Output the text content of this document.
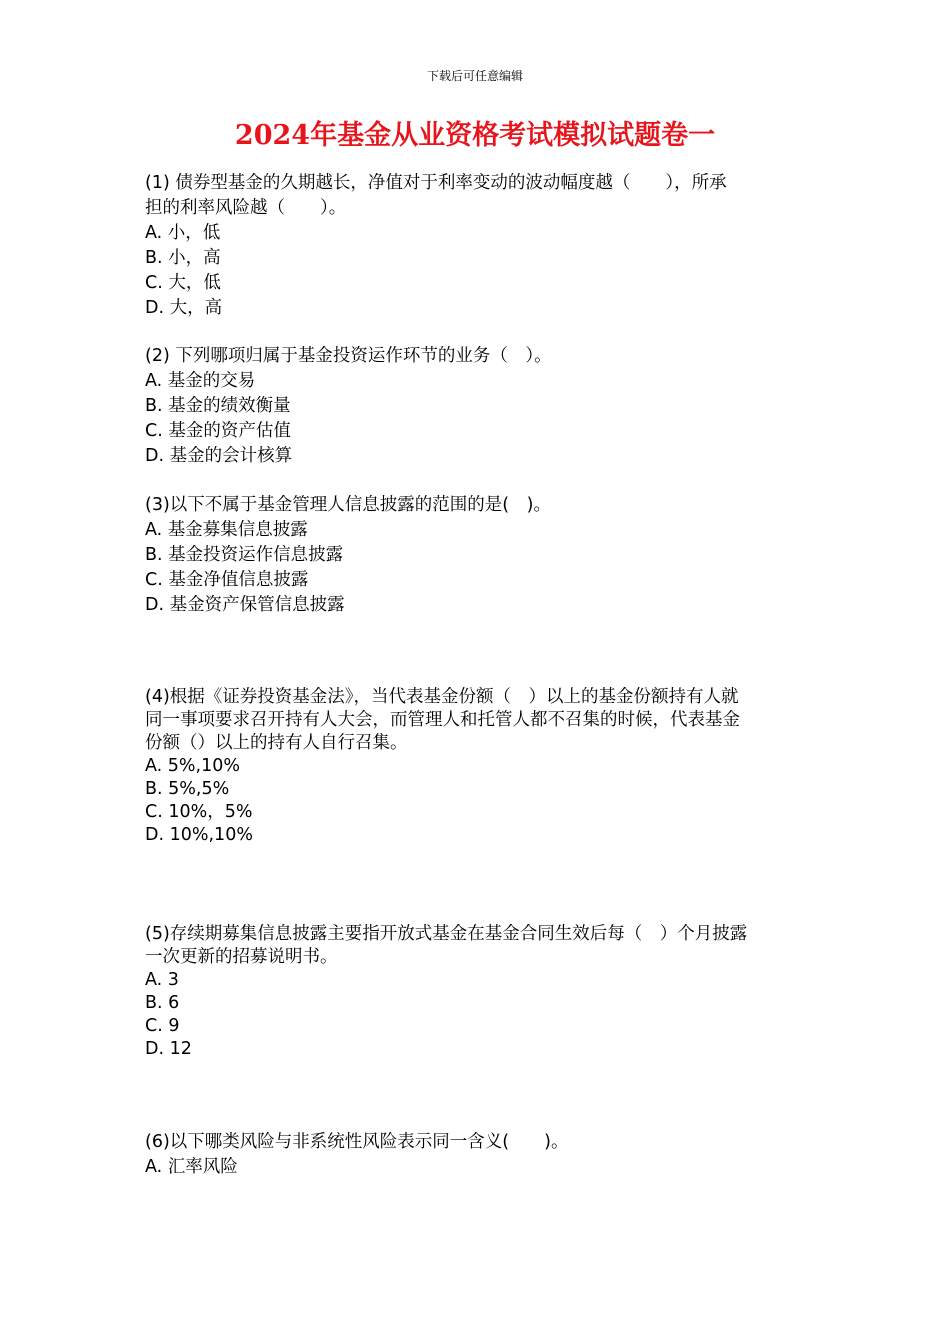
下载后可任意编辑
2024年基金从业资格考试模拟试题卷一

(1) 债券型基金的久期越长，净值对于利率变动的波动幅度越（　　），所承

担的利率风险越（　　）。

A. 小，低

B. 小，高

C. 大，低

D. 大，高

(2) 下列哪项归属于基金投资运作环节的业务（　）。

A. 基金的交易

B. 基金的绩效衡量

C. 基金的资产估值

D. 基金的会计核算

(3)以下不属于基金管理人信息披露的范围的是(　)。

A. 基金募集信息披露

B. 基金投资运作信息披露

C. 基金净值信息披露

D. 基金资产保管信息披露

(4)根据《证券投资基金法》，当代表基金份额（　）以上的基金份额持有人就

同一事项要求召开持有人大会，而管理人和托管人都不召集的时候，代表基金

份额（）以上的持有人自行召集。

A. 5%,10%

B. 5%,5%

C. 10%，5%

D. 10%,10%

(5)存续期募集信息披露主要指开放式基金在基金合同生效后每（　）个月披露

一次更新的招募说明书。

A. 3

B. 6

C. 9

D. 12

(6)以下哪类风险与非系统性风险表示同一含义(　　)。

A. 汇率风险
